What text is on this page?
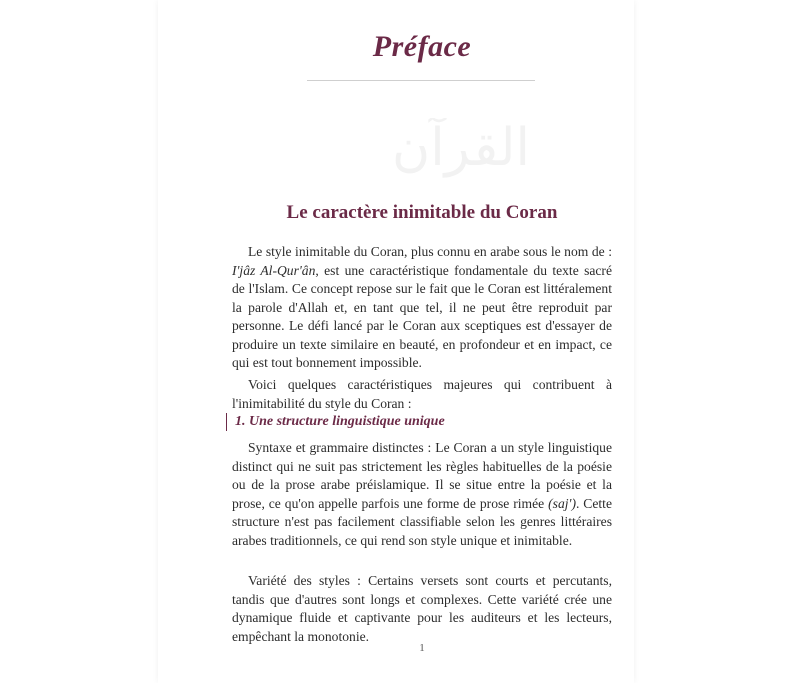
Préface
القرآن
Le caractère inimitable du Coran

Le style inimitable du Coran, plus connu en arabe sous le nom de : I'jâz Al-Qur'ân, est une caractéristique fondamentale du texte sacré de l'Islam. Ce concept repose sur le fait que le Coran est littéralement la parole d'Allah et, en tant que tel, il ne peut être reproduit par personne. Le défi lancé par le Coran aux sceptiques est d'essayer de produire un texte similaire en beauté, en profondeur et en impact, ce qui est tout bonnement impossible.

Voici quelques caractéristiques majeures qui contribuent à l'inimitabilité du style du Coran :

1. Une structure linguistique unique

Syntaxe et grammaire distinctes : Le Coran a un style linguistique distinct qui ne suit pas strictement les règles habituelles de la poésie ou de la prose arabe préislamique. Il se situe entre la poésie et la prose, ce qu'on appelle parfois une forme de prose rimée (saj'). Cette structure n'est pas facilement classifiable selon les genres littéraires arabes traditionnels, ce qui rend son style unique et inimitable.

Variété des styles : Certains versets sont courts et percutants, tandis que d'autres sont longs et complexes. Cette variété crée une dynamique fluide et captivante pour les auditeurs et les lecteurs, empêchant la monotonie.

1
